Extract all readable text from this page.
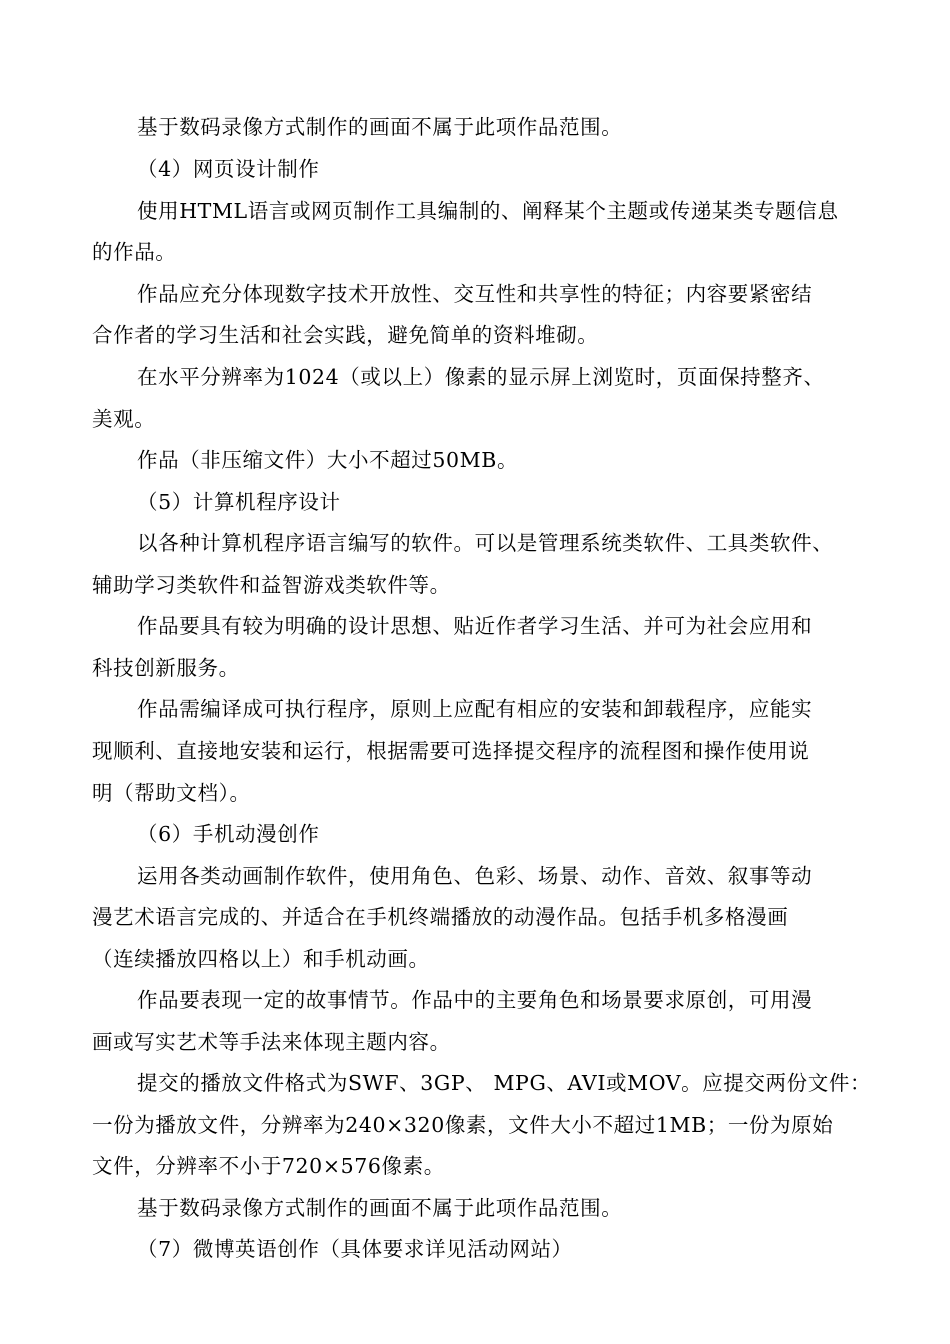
基于数码录像方式制作的画面不属于此项作品范围。
（4）网页设计制作
使用HTML语言或网页制作工具编制的、阐释某个主题或传递某类专题信息
的作品。
作品应充分体现数字技术开放性、交互性和共享性的特征；内容要紧密结
合作者的学习生活和社会实践，避免简单的资料堆砌。
在水平分辨率为1024（或以上）像素的显示屏上浏览时，页面保持整齐、
美观。
作品（非压缩文件）大小不超过50MB。
（5）计算机程序设计
以各种计算机程序语言编写的软件。可以是管理系统类软件、工具类软件、
辅助学习类软件和益智游戏类软件等。
作品要具有较为明确的设计思想、贴近作者学习生活、并可为社会应用和
科技创新服务。
作品需编译成可执行程序，原则上应配有相应的安装和卸载程序，应能实
现顺利、直接地安装和运行，根据需要可选择提交程序的流程图和操作使用说
明（帮助文档）。
（6）手机动漫创作
运用各类动画制作软件，使用角色、色彩、场景、动作、音效、叙事等动
漫艺术语言完成的、并适合在手机终端播放的动漫作品。包括手机多格漫画
（连续播放四格以上）和手机动画。
作品要表现一定的故事情节。作品中的主要角色和场景要求原创，可用漫
画或写实艺术等手法来体现主题内容。
提交的播放文件格式为SWF、3GP、 MPG、AVI或MOV。应提交两份文件：
一份为播放文件，分辨率为240×320像素，文件大小不超过1MB；一份为原始
文件，分辨率不小于720×576像素。
基于数码录像方式制作的画面不属于此项作品范围。
（7）微博英语创作（具体要求详见活动网站）
